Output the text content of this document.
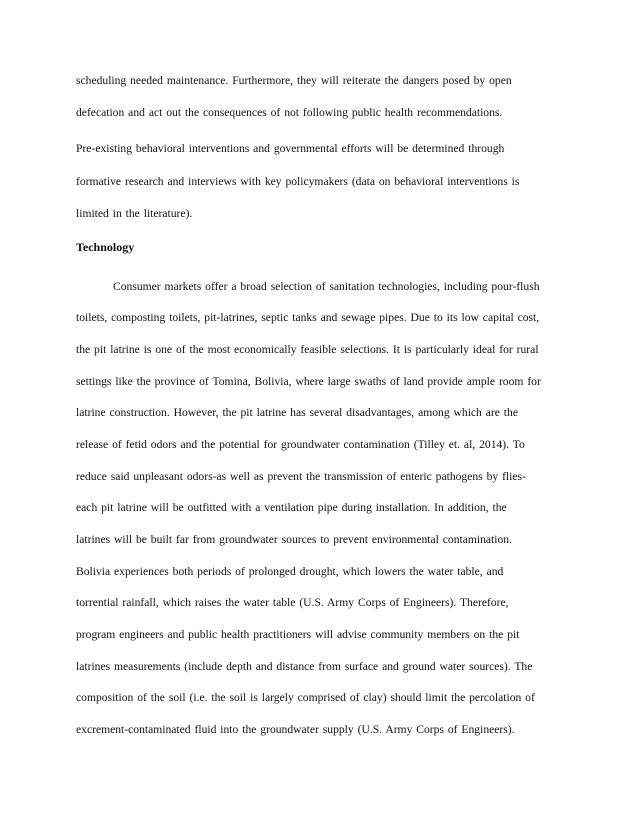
scheduling needed maintenance. Furthermore, they will reiterate the dangers posed by open
defecation and act out the consequences of not following public health recommendations.
Pre-existing behavioral interventions and governmental efforts will be determined through
formative research and interviews with key policymakers (data on behavioral interventions is
limited in the literature).
Technology
Consumer markets offer a broad selection of sanitation technologies, including pour-flush
toilets, composting toilets, pit-latrines, septic tanks and sewage pipes. Due to its low capital cost,
the pit latrine is one of the most economically feasible selections. It is particularly ideal for rural
settings like the province of Tomina, Bolivia, where large swaths of land provide ample room for
latrine construction. However, the pit latrine has several disadvantages, among which are the
release of fetid odors and the potential for groundwater contamination (Tilley et. al, 2014). To
reduce said unpleasant odors-as well as prevent the transmission of enteric pathogens by flies-
each pit latrine will be outfitted with a ventilation pipe during installation. In addition, the
latrines will be built far from groundwater sources to prevent environmental contamination.
Bolivia experiences both periods of prolonged drought, which lowers the water table, and
torrential rainfall, which raises the water table (U.S. Army Corps of Engineers). Therefore,
program engineers and public health practitioners will advise community members on the pit
latrines measurements (include depth and distance from surface and ground water sources). The
composition of the soil (i.e. the soil is largely comprised of clay) should limit the percolation of
excrement-contaminated fluid into the groundwater supply (U.S. Army Corps of Engineers).
